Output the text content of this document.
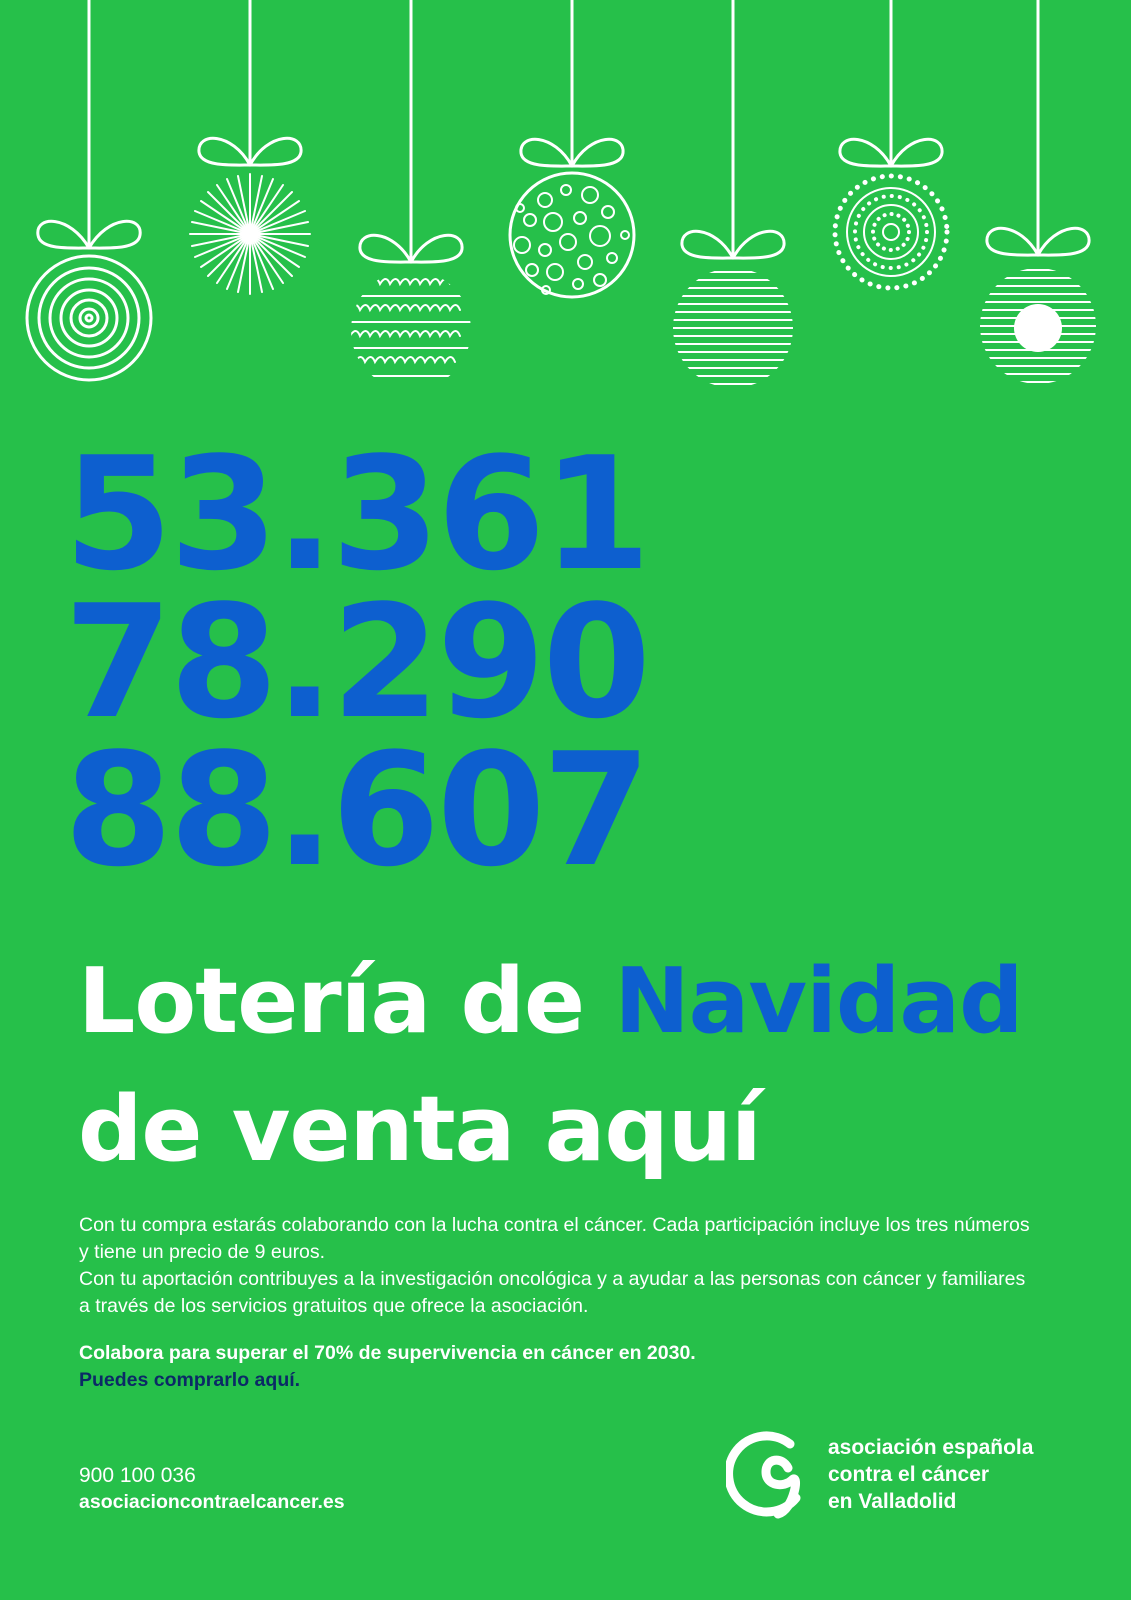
53.361
78.290
88.607
Lotería de Navidad
de venta aquí

Con tu compra estarás colaborando con la lucha contra el cáncer. Cada participación incluye los tres números y tiene un precio de 9 euros.

Con tu aportación contribuyes a la investigación oncológica y a ayudar a las personas con cáncer y familiares a través de los servicios gratuitos que ofrece la asociación.

Colabora para superar el 70% de supervivencia en cáncer en 2030.
Puedes comprarlo aquí.
900 100 036
asociacioncontraelcancer.es
asociación española
contra el cáncer
en Valladolid
